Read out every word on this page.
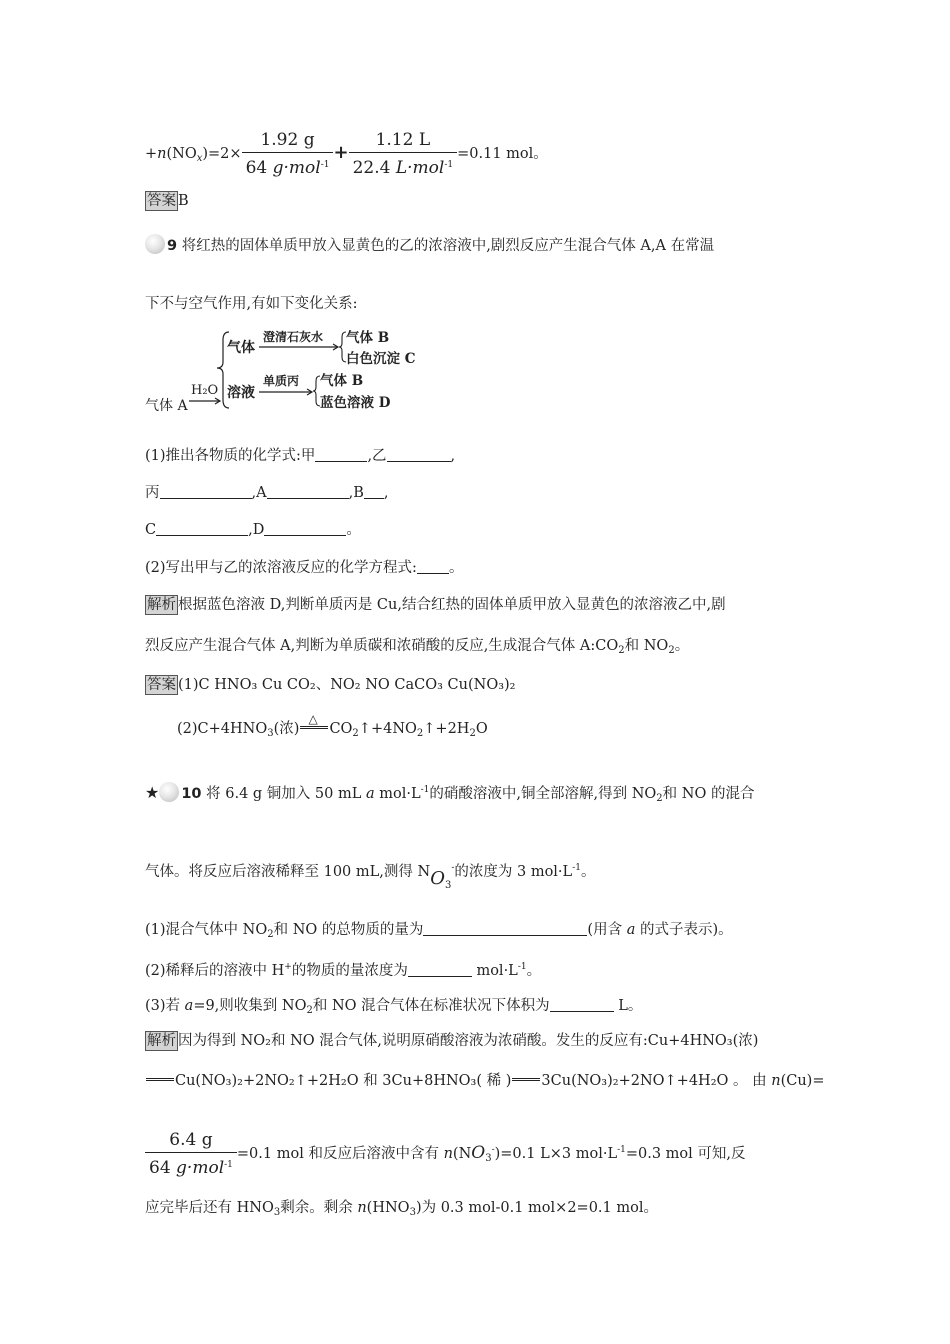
$+n(NO_x)=2\times \frac{1.92 g}{64 g\cdot mol^{-1}} + \frac{1.12 L}{22.4 L\cdot mol^{-1}} =0.11$ mol。
答案 B
9 将红热的固体单质甲放入显黄色的乙的浓溶液中,剧烈反应产生混合气体 A,A 在常温
下不与空气作用,有如下变化关系:
气体 A
H₂O
气体
澄清石灰水 气体 B
白色沉淀 C
溶液
单质丙 气体 B
蓝色溶液 D
(1)推出各物质的化学式:甲	,乙	,
丙	,A	,B ,
C	,D	。
(2)写出甲与乙的浓溶液反应的化学方程式: 。
解析 根据蓝色溶液 D,判断单质丙是 Cu,结合红热的固体单质甲放入显黄色的浓溶液乙中,剧
烈反应产生混合气体 A,判断为单质碳和浓硝酸的反应,生成混合气体 $A:CO_2$和 $NO_2$。
答案 (1)C HNO₃ Cu CO₂、NO₂ NO CaCO₃ Cu(NO₃)₂
$(2)C+4HNO_3$(浓)
△
$CO_2↑+4NO_2↑+2H_2O$
★ 10 将 6.4 g 铜加入 50 mL a $mol\cdot L^{-1}$的硝酸溶液中,铜全部溶解,得到 $NO_2$和 NO 的混合
气体。将反应后溶液稀释至 100 mL,测得 $NO_3^-$的浓度为 3 $mol\cdot L^{-1}$。
(1)混合气体中 $NO_2$和 NO 的总物质的量为	(用含 a 的式子表示)。
(2)稀释后的溶液中 H+的物质的量浓度为	$mol\cdot L^{-1}$。
(3)若 a=9,则收集到 $NO_2$和 NO 混合气体在标准状况下体积为	L。
解析 因为得到 NO₂和 NO 混合气体,说明原硝酸溶液为浓硝酸。发生的反应有:Cu+4HNO₃(浓)
Cu(NO₃)₂+2NO₂↑+2H₂O 和 3Cu+8HNO₃( 稀 ) 3Cu(NO₃)₂+2NO↑+4H₂O 。 由 n(Cu)=
$\frac{6.4 g}{64 g\cdot mol^{-1}} =0.1$ mol 和反应后溶液中含有 $n(NO_3^-)=0.1$ L×3 $mol\cdot L^{-1}=0.3$ mol 可知,反
应完毕后还有 $HNO_3$剩余。剩余 $n(HNO_3)$为 0.3 mol-0.1 mol×2=0.1 mol。
